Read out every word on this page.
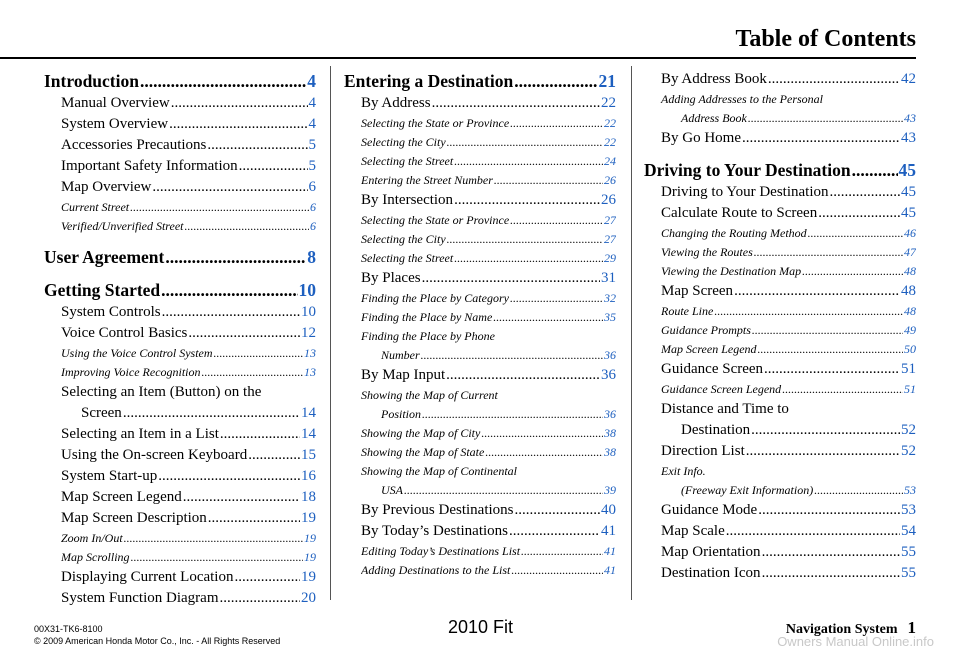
Table of Contents
Introduction .....	4
Manual Overview .....	4
System Overview .....	4
Accessories Precautions .....	5
Important Safety Information .....	5
Map Overview .....	6
Current Street .....	6
Verified/Unverified Street .....	6
User Agreement .....	8
Getting Started .....	10
System Controls .....	10
Voice Control Basics .....	12
Using the Voice Control System .....	13
Improving Voice Recognition .....	13
Selecting an Item (Button) on the
Screen .....	14
Selecting an Item in a List .....	14
Using the On-screen Keyboard .....	15
System Start-up .....	16
Map Screen Legend .....	18
Map Screen Description .....	19
Zoom In/Out .....	19
Map Scrolling .....	19
Displaying Current Location .....	19
System Function Diagram .....	20
Entering a Destination .....	21
By Address .....	22
Selecting the State or Province .....	22
Selecting the City .....	22
Selecting the Street .....	24
Entering the Street Number .....	26
By Intersection .....	26
Selecting the State or Province .....	27
Selecting the City .....	27
Selecting the Street .....	29
By Places .....	31
Finding the Place by Category .....	32
Finding the Place by Name .....	35
Finding the Place by Phone
Number .....	36
By Map Input .....	36
Showing the Map of Current
Position .....	36
Showing the Map of City .....	38
Showing the Map of State .....	38
Showing the Map of Continental
USA .....	39
By Previous Destinations .....	40
By Today’s Destinations .....	41
Editing Today’s Destinations List .....	41
Adding Destinations to the List .....	41
By Address Book .....	42
Adding Addresses to the Personal
Address Book .....	43
By Go Home .....	43
Driving to Your Destination .....	45
Driving to Your Destination .....	45
Calculate Route to Screen .....	45
Changing the Routing Method .....	46
Viewing the Routes .....	47
Viewing the Destination Map .....	48
Map Screen .....	48
Route Line .....	48
Guidance Prompts .....	49
Map Screen Legend .....	50
Guidance Screen .....	51
Guidance Screen Legend .....	51
Distance and Time to
Destination .....	52
Direction List .....	52
Exit Info.
(Freeway Exit Information) .....	53
Guidance Mode .....	53
Map Scale .....	54
Map Orientation .....	55
Destination Icon .....	55
00X31-TK6-8100
© 2009 American Honda Motor Co., Inc. - All Rights Reserved
2010 Fit	Navigation System 1
Owners Manual Online.info
